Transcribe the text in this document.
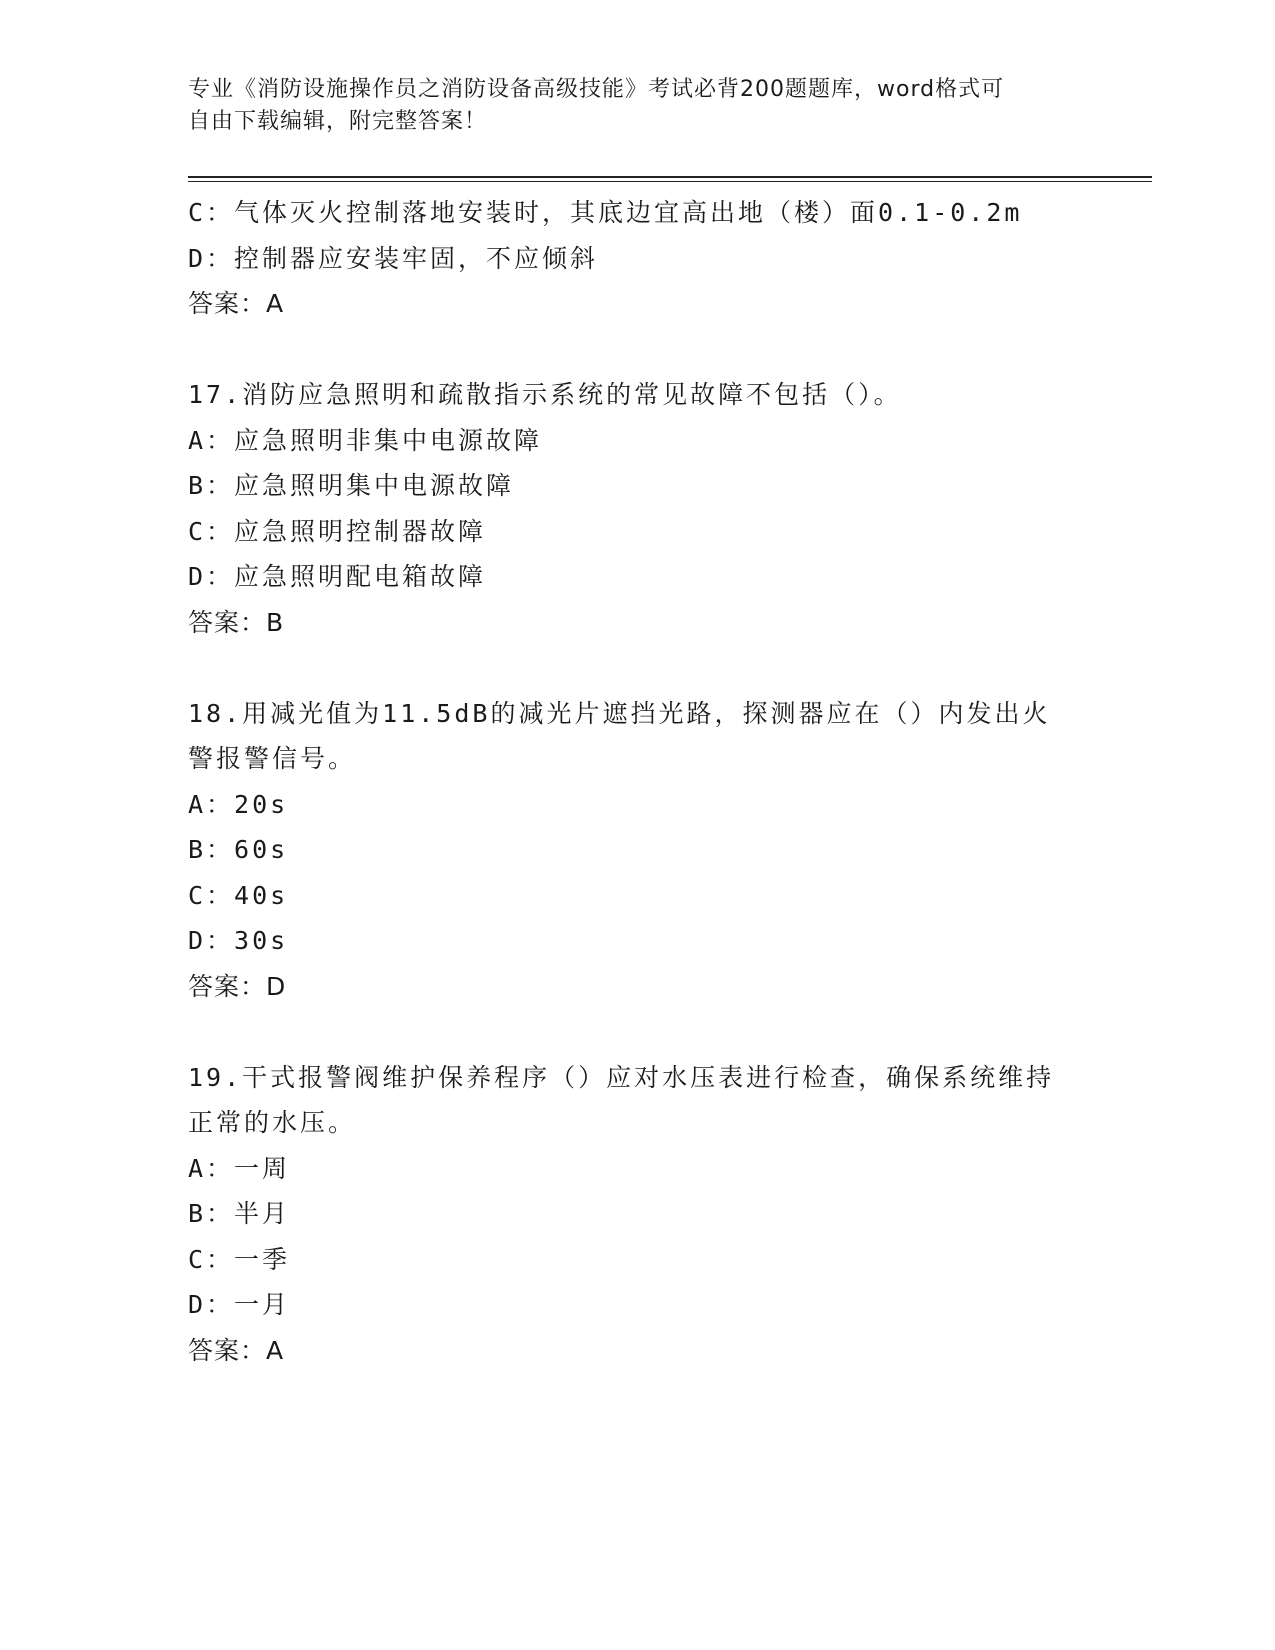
专业《消防设施操作员之消防设备高级技能》考试必背200题题库，word格式可
自由下载编辑，附完整答案！
C：气体灭火控制落地安装时，其底边宜高出地（楼）面0.1-0.2m
D：控制器应安装牢固，不应倾斜
答案：A
17.消防应急照明和疏散指示系统的常见故障不包括（）。
A：应急照明非集中电源故障
B：应急照明集中电源故障
C：应急照明控制器故障
D：应急照明配电箱故障
答案：B
18.用减光值为11.5dB的减光片遮挡光路，探测器应在（）内发出火
警报警信号。
A：20s
B：60s
C：40s
D：30s
答案：D
19.干式报警阀维护保养程序（）应对水压表进行检查，确保系统维持
正常的水压。
A：一周
B：半月
C：一季
D：一月
答案：A
